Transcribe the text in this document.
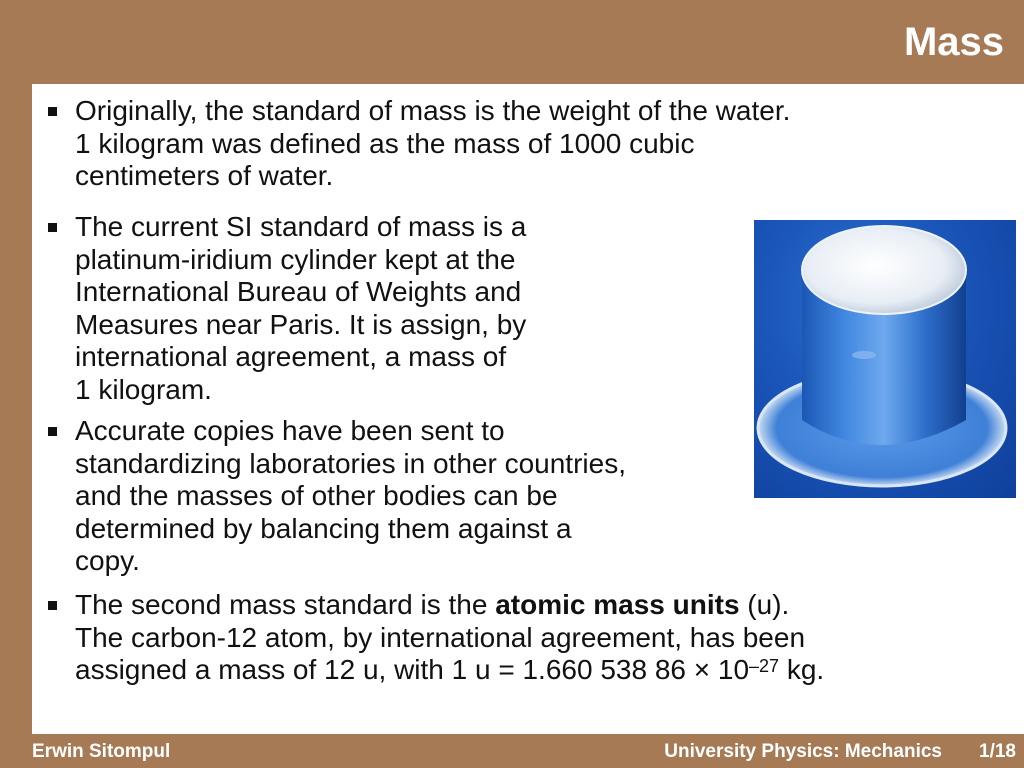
Mass
Originally, the standard of mass is the weight of the water.
1 kilogram was defined as the mass of 1000 cubic
centimeters of water.
The current SI standard of mass is a
platinum-iridium cylinder kept at the
International Bureau of Weights and
Measures near Paris. It is assign, by
international agreement, a mass of
1 kilogram.
Accurate copies have been sent to
standardizing laboratories in other countries,
and the masses of other bodies can be
determined by balancing them against a
copy.
The second mass standard is the atomic mass units (u).
The carbon-12 atom, by international agreement, has been
assigned a mass of 12 u, with 1 u = 1.660 538 $86 \times 10^{-27}$ kg.
Erwin Sitompul	University Physics: Mechanics 1/18
